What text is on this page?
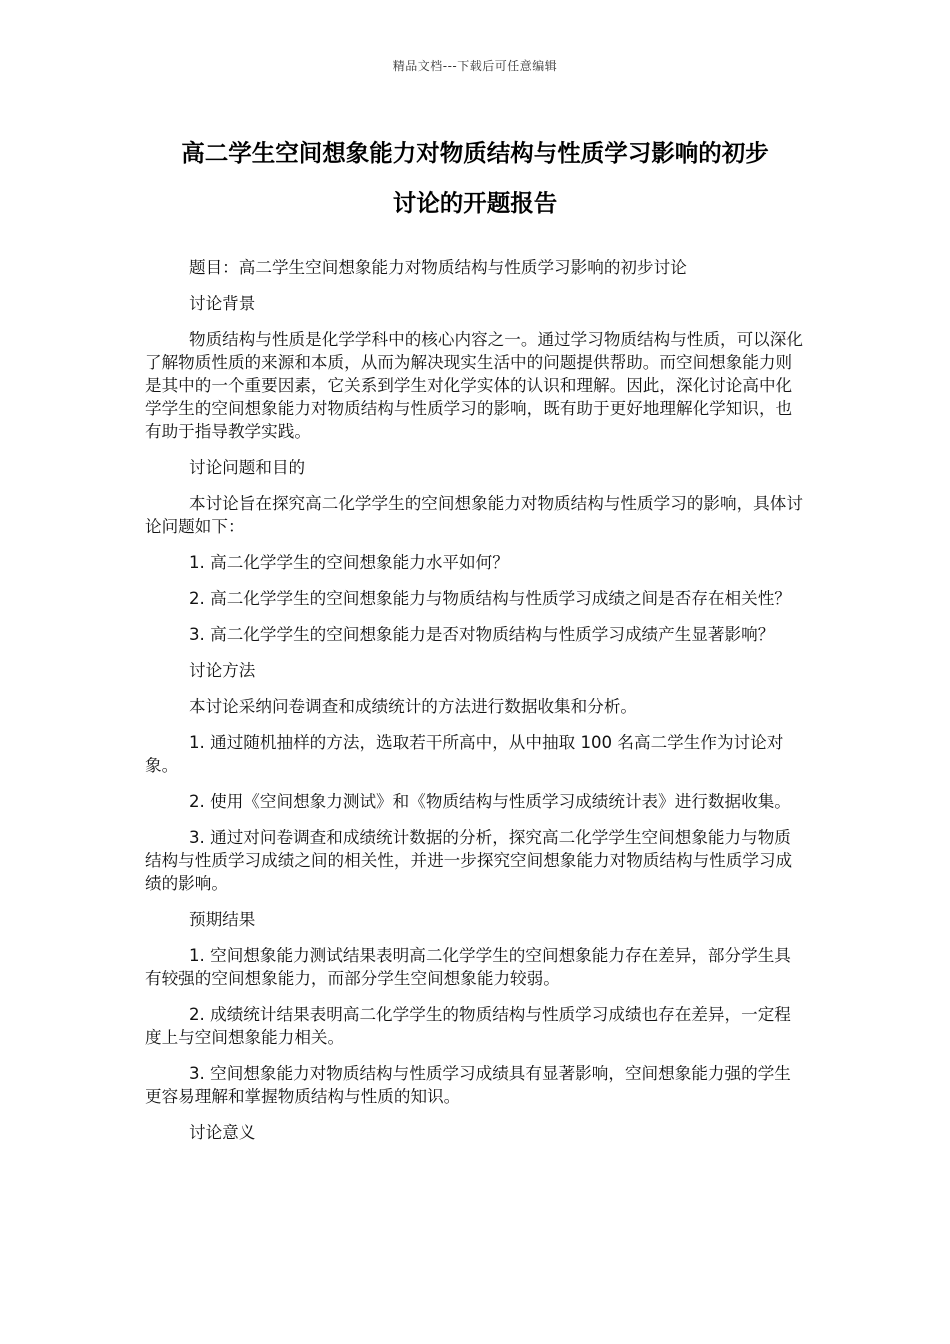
精品文档---下载后可任意编辑
高二学生空间想象能力对物质结构与性质学习影响的初步
讨论的开题报告

题目：高二学生空间想象能力对物质结构与性质学习影响的初步讨论

讨论背景

物质结构与性质是化学学科中的核心内容之一。通过学习物质结构与性质，可以深化了解物质性质的来源和本质，从而为解决现实生活中的问题提供帮助。而空间想象能力则是其中的一个重要因素，它关系到学生对化学实体的认识和理解。因此，深化讨论高中化学学生的空间想象能力对物质结构与性质学习的影响，既有助于更好地理解化学知识，也有助于指导教学实践。

讨论问题和目的

本讨论旨在探究高二化学学生的空间想象能力对物质结构与性质学习的影响，具体讨论问题如下：

1. 高二化学学生的空间想象能力水平如何？

2. 高二化学学生的空间想象能力与物质结构与性质学习成绩之间是否存在相关性？

3. 高二化学学生的空间想象能力是否对物质结构与性质学习成绩产生显著影响？

讨论方法

本讨论采纳问卷调查和成绩统计的方法进行数据收集和分析。

1. 通过随机抽样的方法，选取若干所高中，从中抽取 100 名高二学生作为讨论对象。

2. 使用《空间想象力测试》和《物质结构与性质学习成绩统计表》进行数据收集。

3. 通过对问卷调查和成绩统计数据的分析，探究高二化学学生空间想象能力与物质结构与性质学习成绩之间的相关性，并进一步探究空间想象能力对物质结构与性质学习成绩的影响。

预期结果

1. 空间想象能力测试结果表明高二化学学生的空间想象能力存在差异，部分学生具有较强的空间想象能力，而部分学生空间想象能力较弱。

2. 成绩统计结果表明高二化学学生的物质结构与性质学习成绩也存在差异，一定程度上与空间想象能力相关。

3. 空间想象能力对物质结构与性质学习成绩具有显著影响，空间想象能力强的学生更容易理解和掌握物质结构与性质的知识。

讨论意义
